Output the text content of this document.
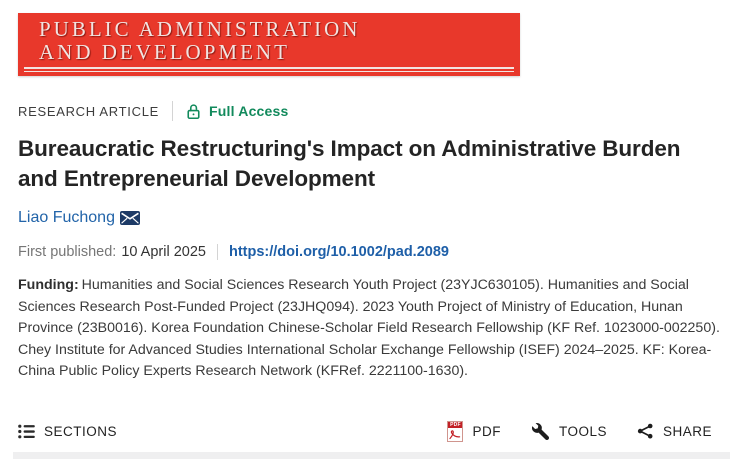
PUBLIC ADMINISTRATION
AND DEVELOPMENT
RESEARCH ARTICLE	Full Access
Bureaucratic Restructuring's Impact on Administrative Burden
and Entrepreneurial Development
Liao Fuchong
First published: 10 April 2025 https://doi.org/10.1002/pad.2089

Funding: Humanities and Social Sciences Research Youth Project (23YJC630105). Humanities and Social Sciences Research Post-Funded Project (23JHQ094). 2023 Youth Project of Ministry of Education, Hunan Province (23B0016). Korea Foundation Chinese-Scholar Field Research Fellowship (KF Ref. 1023000-002250). Chey Institute for Advanced Studies International Scholar Exchange Fellowship (ISEF) 2024–2025. KF: Korea-China Public Policy Experts Research Network (KFRef. 2221100-1630).

SECTIONS	PDF PDF	TOOLS	SHARE
